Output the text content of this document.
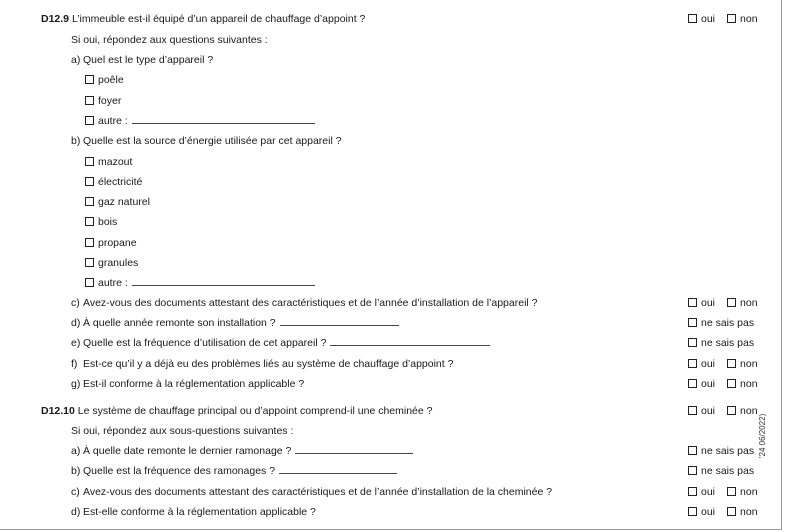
D12.9 L’immeuble est-il équipé d’un appareil de chauffage d’appoint ?	oui non
Si oui, répondez aux questions suivantes :
a) Quel est le type d’appareil ?
poêle
foyer
autre :
b) Quelle est la source d’énergie utilisée par cet appareil ?
mazout
électricité
gaz naturel
bois
propane
granules
autre :
c) Avez-vous des documents attestant des caractéristiques et de l’année d’installation de l’appareil ?	oui non
d) À quelle année remonte son installation ?	ne sais pas
e) Quelle est la fréquence d’utilisation de cet appareil ?	ne sais pas
f) Est-ce qu’il y a déjà eu des problèmes liés au système de chauffage d’appoint ?	oui non
g) Est-il conforme à la réglementation applicable ?	oui non
D12.10 Le système de chauffage principal ou d’appoint comprend-il une cheminée ?	oui non
Si oui, répondez aux sous-questions suivantes :
a) À quelle date remonte le dernier ramonage ?	ne sais pas
b) Quelle est la fréquence des ramonages ?	ne sais pas
c) Avez-vous des documents attestant des caractéristiques et de l’année d’installation de la cheminée ?	oui non
d) Est-elle conforme à la réglementation applicable ?	oui non
'24 06/2022)
